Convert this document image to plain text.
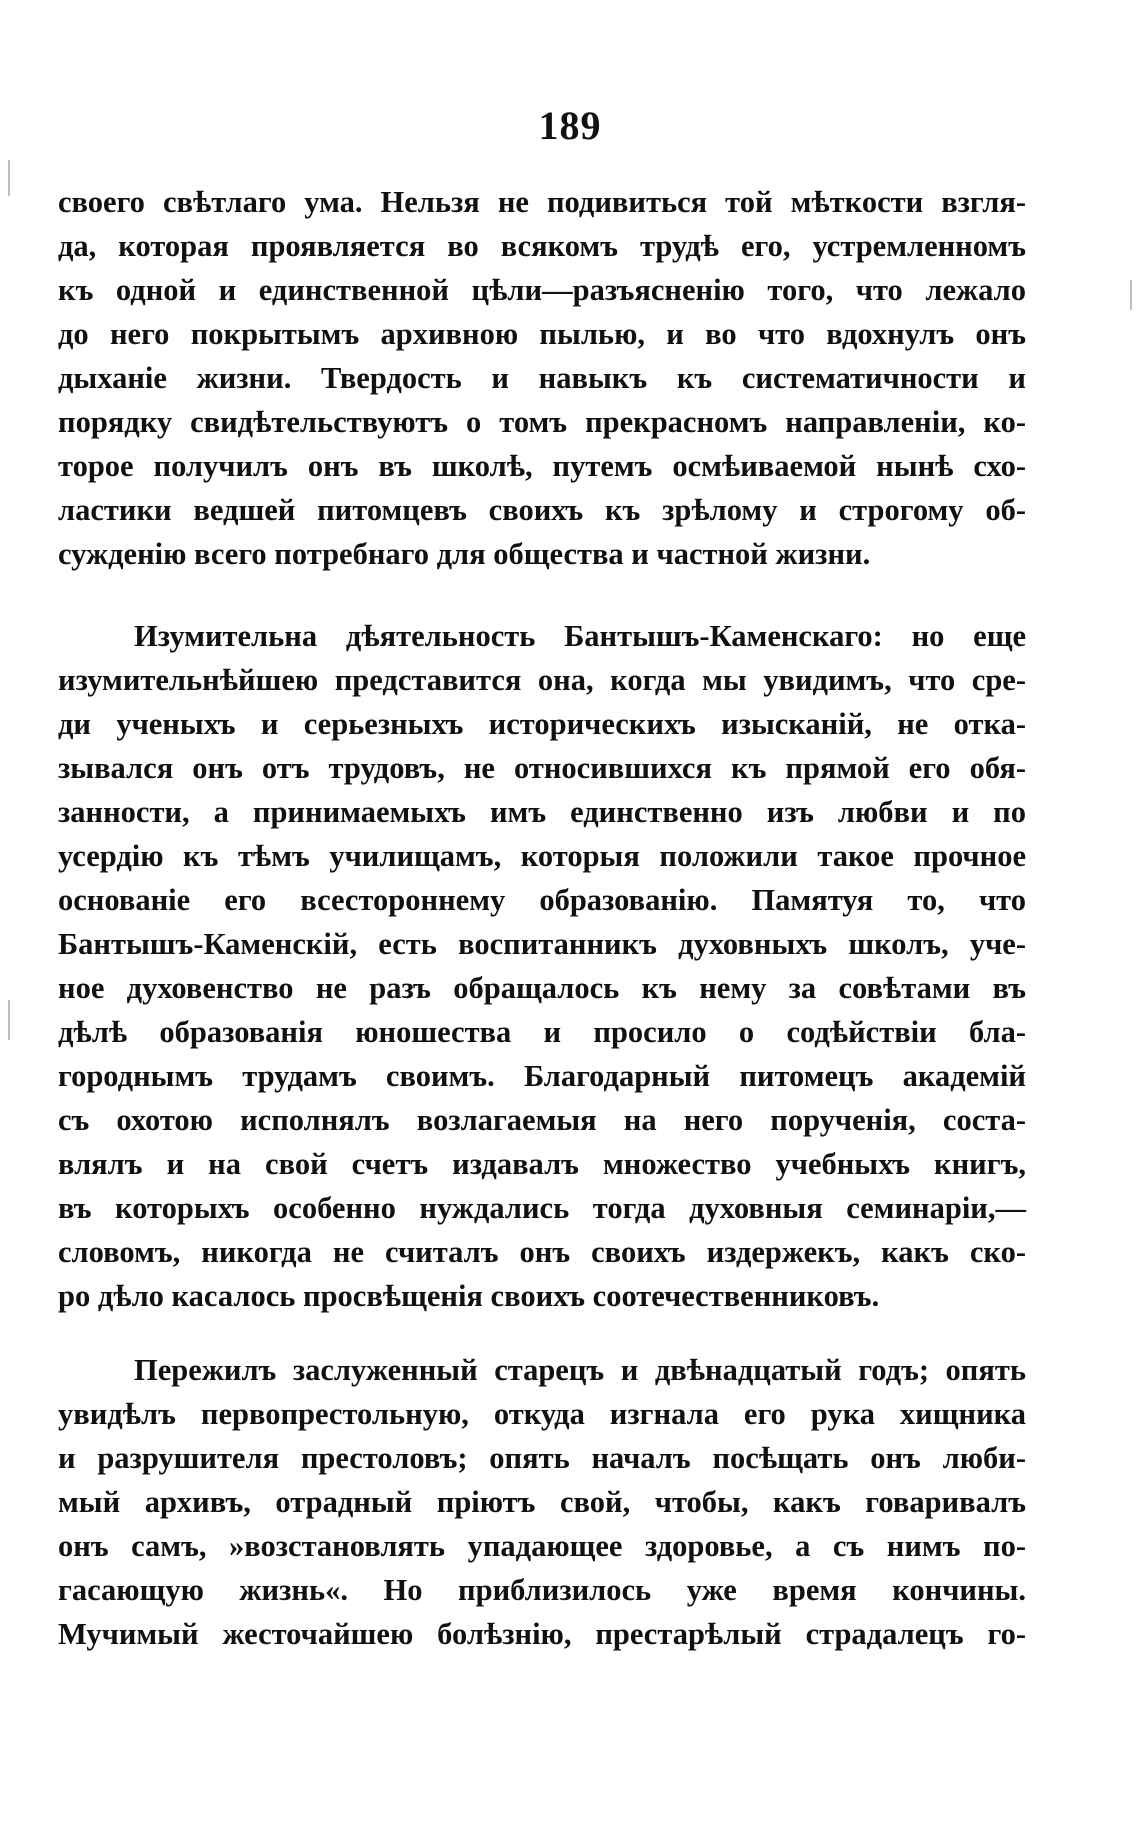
189
своего свѣтлаго ума. Нельзя не подивиться той мѣткости взгля-
да, которая проявляется во всякомъ трудѣ его, устремленномъ
къ одной и единственной цѣли—разъясненію того, что лежало
до него покрытымъ архивною пылью, и во что вдохнулъ онъ
дыханіе жизни. Твердость и навыкъ къ систематичности и
порядку свидѣтельствуютъ о томъ прекрасномъ направленіи, ко-
торое получилъ онъ въ школѣ, путемъ осмѣиваемой нынѣ схо-
ластики ведшей питомцевъ своихъ къ зрѣлому и строгому об-
сужденію всего потребнаго для общества и частной жизни.
Изумительна дѣятельность Бантышъ-Каменскаго: но еще
изумительнѣйшею представится она, когда мы увидимъ, что сре-
ди ученыхъ и серьезныхъ историческихъ изысканій, не отка-
зывался онъ отъ трудовъ, не относившихся къ прямой его обя-
занности, а принимаемыхъ имъ единственно изъ любви и по
усердію къ тѣмъ училищамъ, которыя положили такое прочное
основаніе его всестороннему образованію. Памятуя то, что
Бантышъ-Каменскій, есть воспитанникъ духовныхъ школъ, уче-
ное духовенство не разъ обращалось къ нему за совѣтами въ
дѣлѣ образованія юношества и просило о содѣйствіи бла-
городнымъ трудамъ своимъ. Благодарный питомецъ академій
съ охотою исполнялъ возлагаемыя на него порученія, соста-
влялъ и на свой счетъ издавалъ множество учебныхъ книгъ,
въ которыхъ особенно нуждались тогда духовныя семинаріи,—
словомъ, никогда не считалъ онъ своихъ издержекъ, какъ ско-
ро дѣло касалось просвѣщенія своихъ соотечественниковъ.
Пережилъ заслуженный старецъ и двѣнадцатый годъ; опять
увидѣлъ первопрестольную, откуда изгнала его рука хищника
и разрушителя престоловъ; опять началъ посѣщать онъ люби-
мый архивъ, отрадный пріютъ свой, чтобы, какъ говаривалъ
онъ самъ, »возстановлять упадающее здоровье, а съ нимъ по-
гасающую жизнь«. Но приблизилось уже время кончины.
Мучимый жесточайшею болѣзнію, престарѣлый страдалецъ го-
